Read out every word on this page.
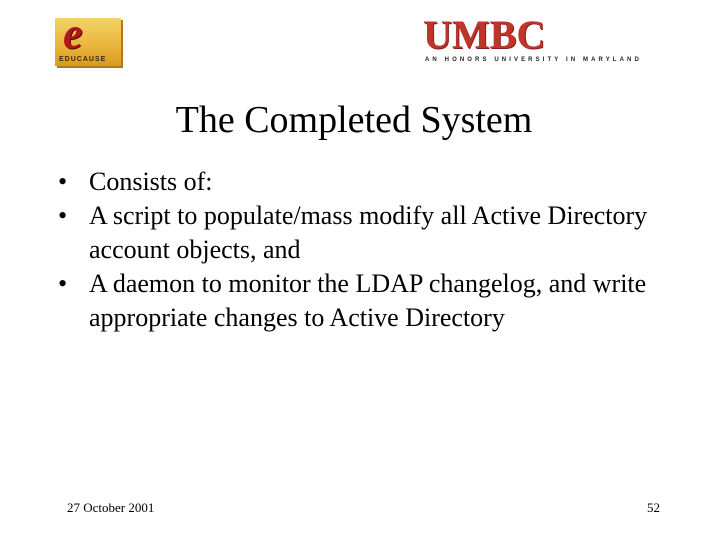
e
EDUCAUSE
UMBC
AN HONORS UNIVERSITY IN MARYLAND
The Completed System
• Consists of:
• A script to populate/mass modify all Active Directory account objects, and
• A daemon to monitor the LDAP changelog, and write appropriate changes to Active Directory
27 October 2001	52
